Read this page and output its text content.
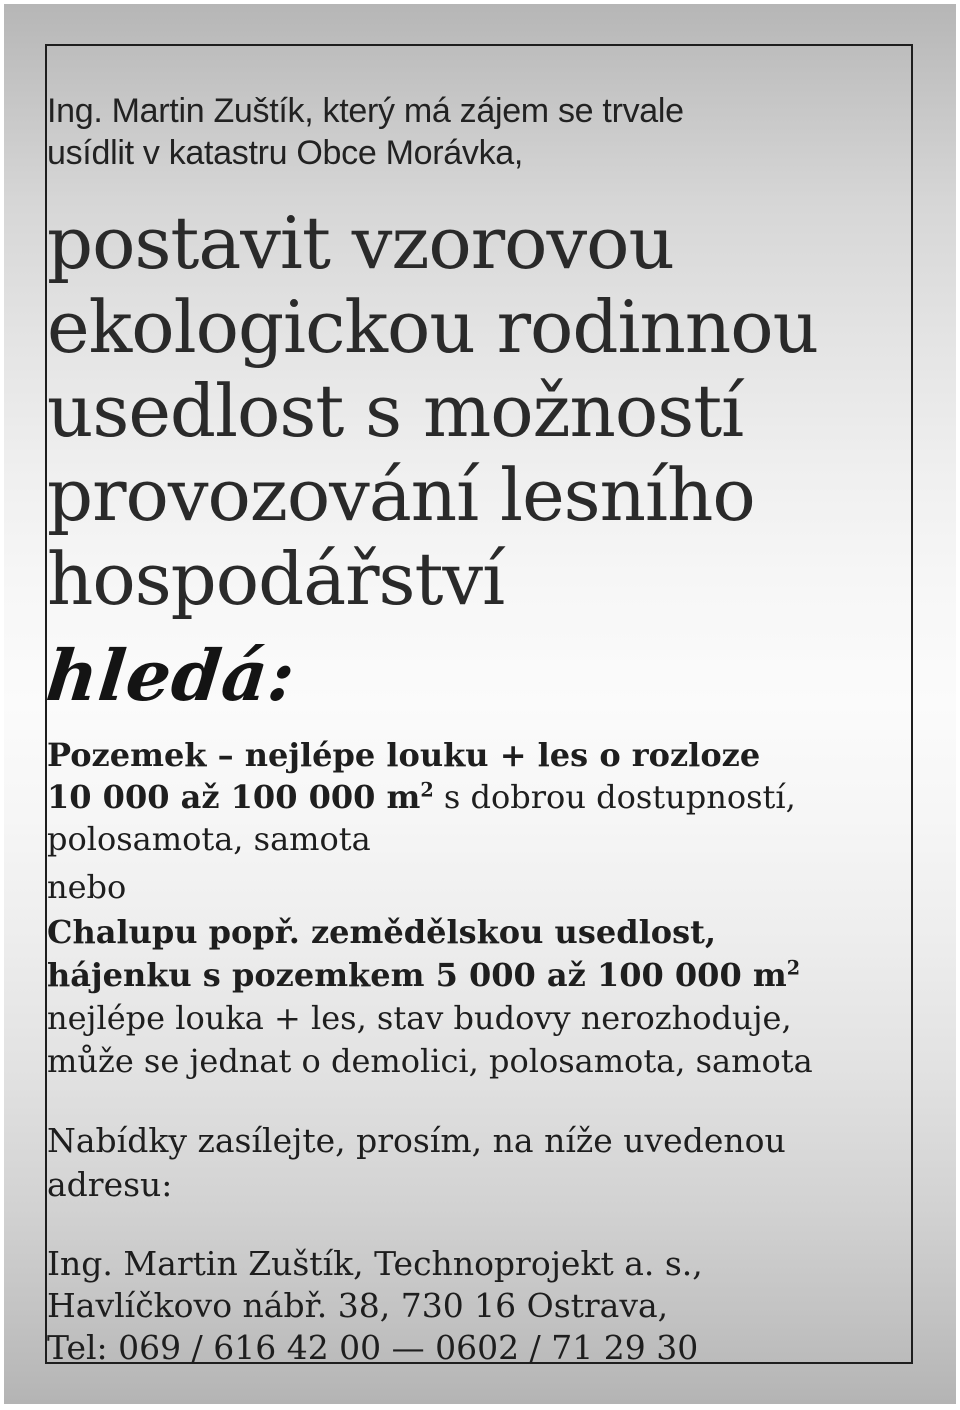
Ing. Martin Zuštík, který má zájem se trvale
usídlit v katastru Obce Morávka,
postavit vzorovou
ekologickou rodinnou
usedlost s možností
provozování lesního
hospodářství
hledá:
Pozemek – nejlépe louku + les o rozloze
10 000 až 100 000 $m^2$ s dobrou dostupností,
polosamota, samota
nebo
Chalupu popř. zemědělskou usedlost,
hájenku s pozemkem 5 000 až 100 000 $m^2$
nejlépe louka + les, stav budovy nerozhoduje,
může se jednat o demolici, polosamota, samota
Nabídky zasílejte, prosím, na níže uvedenou
adresu:
Ing. Martin Zuštík, Technoprojekt a. s.,
Havlíčkovo nábř. 38, 730 16 Ostrava,
Tel: 069 / 616 42 00 — 0602 / 71 29 30
